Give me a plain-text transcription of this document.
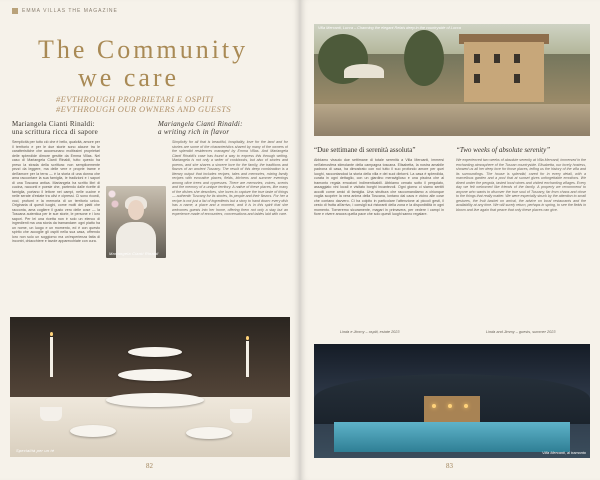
EMMA VILLAS THE MAGAZINE
The Community
we care
#EVTHROUGH PROPRIETARI E OSPITI
#EVTHROUGH OUR OWNERS AND GUESTS
Mariangela Cianti Rinaldi:
una scrittura ricca di sapore
Semplicità per tutto ciò che è bello, qualcità, amore per il territorio e per le due storie sono alcune tra le caratteristiche che accomunano moltissimi proprietari delle splendide dimore gestite da Emma Villas. Nel caso di Mariangela Cianti Rinaldi, tutto questo ha preso la strada della scrittura: non semplicemente pezzi da leggere, ma delle vere e proprie trame e dell'amore per la terra — è la storia di una donna che ama raccontare la sua famiglia, le tradizioni e i sapori di una Toscana antica. Mariangela ha scritto libri di cucina, racconti e poesie che, partendo dalle ricette di famiglia, portano il lettore nei campi, nelle cucine e nelle serate d'estate tra ulivi e cipressi. Ci sono ricordi, voci, profumi e la memoria di un territorio unico. Originaria di questi luoghi, come molti dei piatti che racconta, ama cogliere il gusto vero delle cose — la Toscana autentica per le sue storie, le persone e i loro sapori. Per lei una ricetta non è solo un elenco di ingredienti ma una storia da tramandare: ogni piatto ha un nome, un luogo e un momento, ed è con questo spirito che accoglie gli ospiti nella sua casa, offrendo loro non solo un soggiorno ma un'esperienza fatta di incontri, chiacchiere e tavole apparecchiate con cura.
Mariangela Cianti Rinaldi:
a writing rich in flavor
Simplicity for all that is beautiful, hospitality, love for the land and for stories are some of the characteristics shared by many of the owners of the splendid residences managed by Emma Villas. And Mariangela Cianti Rinaldi's case has found a way to express this through writing. Mariangela is not only a writer of cookbooks, but also of stories and poems, and she shares a sincere love for the family, the traditions and flavors of an ancient Tuscany. The result of this deep combination is a literary output that includes recipes, tales and memories, mixing family recipes with evocative places, fields, kitchens and summer evenings among olive trees and cypresses. There are memories, voices, scents and the memory of a unique territory. A native of these places, like many of the dishes she describes, she loves to capture the true taste of things — authentic Tuscany for its stories, its people and their flavors. For her a recipe is not just a list of ingredients but a story to hand down: every dish has a name, a place and a moment, and it is in this spirit that she welcomes guests into her home, offering them not only a stay but an experience made of encounters, conversations and tables laid with care.
Mariangela Cianti Rinaldi
Specialità per un té
82
Villa Mercanti, Lucca – Charming the elegant Relais deep in the countryside of Lucca
“Due settimane di serenità assoluta”
Abbiamo vissuto due settimane di totale serenità a Villa Mercanti, immersi nell'atmosfera stimolante della campagna toscana. Elisabetta, la nostra amabile padrona di casa, ha dimostrato con noi tutto il suo profondo amore per quei luoghi, raccontandoci la storia della villa e dei suoi dintorni. La casa è splendida, curata in ogni dettaglio, con un giardino meraviglioso e una piscina che al tramonto regala emozioni indimenticabili. Abbiamo cenato sotto il pergolato, assaggiato vini locali e visitato borghi incantevoli. Ogni giorno ci siamo sentiti accolti come amici di famiglia. Una struttura che raccomandiamo a chiunque voglia scoprire la vera anima della Toscana, lontano dal caos e vicino alle cose che contano davvero. Ci ha colpito in particolare l'attenzione ai piccoli gesti, il cesto di frutta all'arrivo, i consigli sui ristoranti della zona e la disponibilità in ogni momento. Torneremo sicuramente, magari in primavera, per vedere i campi in fiore e vivere ancora quella pace che solo questi luoghi sanno regalare.
Linda e Jimmy – ospiti, estate 2023
“Two weeks of absolute serenity”
We experienced two weeks of absolute serenity at Villa Mercanti, immersed in the enchanting atmosphere of the Tuscan countryside. Elisabetta, our lovely hostess, showed us all her deep love for those places, telling us the history of the villa and its surroundings. The house is splendid, cared for in every detail, with a marvellous garden and a pool that at sunset gives unforgettable emotions. We dined under the pergola, tasted local wines and visited enchanting villages. Every day we felt welcomed like friends of the family. A property we recommend to anyone who wants to discover the true soul of Tuscany, far from chaos and close to the things that really matter. We were especially struck by the attention to small gestures, the fruit basket on arrival, the advice on local restaurants and the availability at any time. We will surely return, perhaps in spring, to see the fields in bloom and live again that peace that only these places can give.
Linda and Jimmy – guests, summer 2023
Villa Mercanti, al tramonto
83
